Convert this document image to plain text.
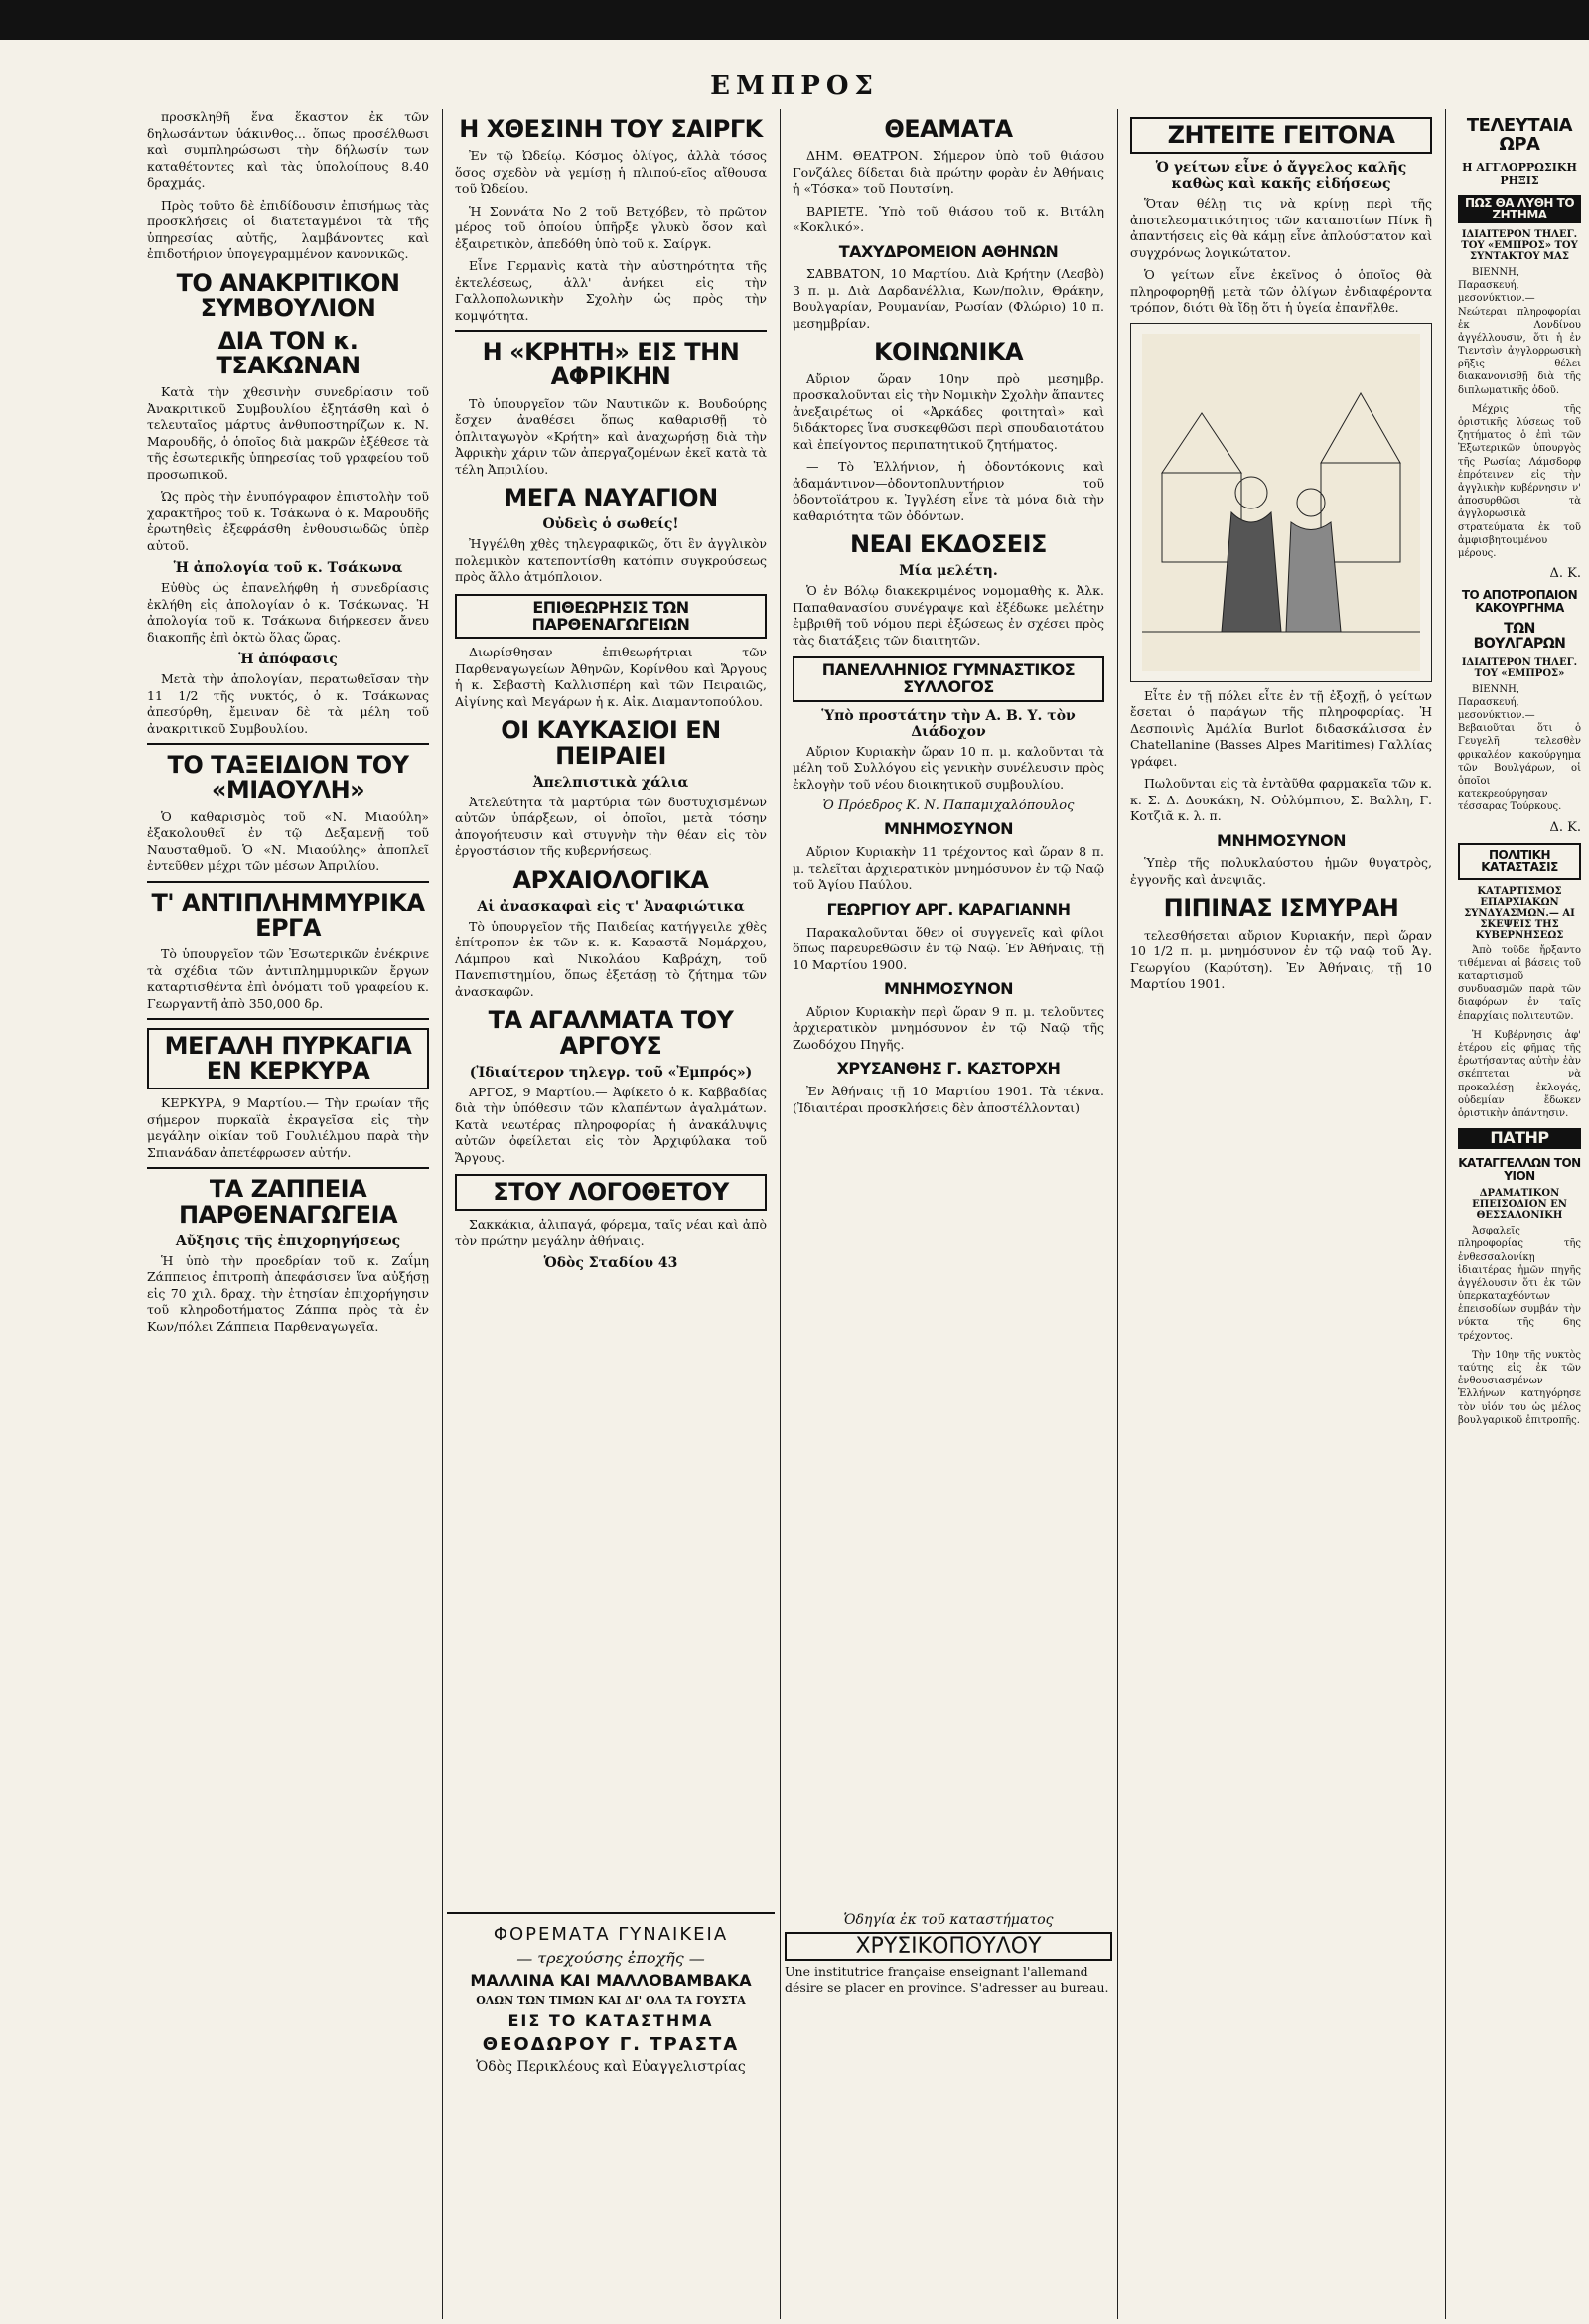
ΕΜΠΡΟΣ
προσκληθῆ ἕνα ἕκαστον ἐκ τῶν δηλωσάντων ὑάκινθος... ὅπως προσέλθωσι καὶ συμπληρώσωσι τὴν δήλωσίν των καταθέτοντες καὶ τὰς ὑπολοίπους 8.40 δραχμάς.
Πρὸς τοῦτο δὲ ἐπιδίδουσιν ἐπισήμως τὰς προσκλήσεις οἱ διατεταγμένοι τὰ τῆς ὑπηρεσίας αὐτῆς, λαμβάνοντες καὶ ἐπιδοτήριον ὑπογεγραμμένον κανονικῶς.
ΤΟ ΑΝΑΚΡΙΤΙΚΟΝ ΣΥΜΒΟΥΛΙΟΝ
ΔΙΑ ΤΟΝ κ. ΤΣΑΚΩΝΑΝ
Κατὰ τὴν χθεσινὴν συνεδρίασιν τοῦ Ἀνακριτικοῦ Συμβουλίου ἐξητάσθη καὶ ὁ τελευταῖος μάρτυς ἀνθυποστηρίζων κ. Ν. Μαρουδῆς, ὁ ὁποῖος διὰ μακρῶν ἐξέθεσε τὰ τῆς ἐσωτερικῆς ὑπηρεσίας τοῦ γραφείου τοῦ προσωπικοῦ.
Ὡς πρὸς τὴν ἐνυπόγραφον ἐπιστολὴν τοῦ χαρακτῆρος τοῦ κ. Τσάκωνα ὁ κ. Μαρουδῆς ἐρωτηθεὶς ἐξεφράσθη ἐνθουσιωδῶς ὑπὲρ αὐτοῦ.
Ἡ ἀπολογία τοῦ κ. Τσάκωνα
Εὐθὺς ὡς ἐπανελήφθη ἡ συνεδρίασις ἐκλήθη εἰς ἀπολογίαν ὁ κ. Τσάκωνας. Ἡ ἀπολογία τοῦ κ. Τσάκωνα διήρκεσεν ἄνευ διακοπῆς ἐπὶ ὀκτὼ ὅλας ὥρας.
Ἡ ἀπόφασις
Μετὰ τὴν ἀπολογίαν, περατωθεῖσαν τὴν 11 1/2 τῆς νυκτός, ὁ κ. Τσάκωνας ἀπεσύρθη, ἔμειναν δὲ τὰ μέλη τοῦ ἀνακριτικοῦ Συμβουλίου.
ΤΟ ΤΑΞΕΙΔΙΟΝ ΤΟΥ «ΜΙΑΟΥΛΗ»
Ὁ καθαρισμὸς τοῦ «Ν. Μιαούλη» ἐξακολουθεῖ ἐν τῷ Δεξαμενῇ τοῦ Ναυσταθμοῦ. Ὁ «Ν. Μιαούλης» ἀποπλεῖ ἐντεῦθεν μέχρι τῶν μέσων Ἀπριλίου.
Τ' ΑΝΤΙΠΛΗΜΜΥΡΙΚΑ ΕΡΓΑ
Τὸ ὑπουργεῖον τῶν Ἐσωτερικῶν ἐνέκρινε τὰ σχέδια τῶν ἀντιπλημμυρικῶν ἔργων καταρτισθέντα ἐπὶ ὀνόματι τοῦ γραφείου κ. Γεωργαντῆ ἀπὸ 350,000 δρ.
ΜΕΓΑΛΗ ΠΥΡΚΑΓΙΑ ΕΝ ΚΕΡΚΥΡΑ
ΚΕΡΚΥΡΑ, 9 Μαρτίου.— Τὴν πρωίαν τῆς σήμερον πυρκαϊὰ ἐκραγεῖσα εἰς τὴν μεγάλην οἰκίαν τοῦ Γουλιέλμου παρὰ τὴν Σπιανάδαν ἀπετέφρωσεν αὐτήν.
ΤΑ ΖΑΠΠΕΙΑ ΠΑΡΘΕΝΑΓΩΓΕΙΑ
Αὔξησις τῆς ἐπιχορηγήσεως
Ἡ ὑπὸ τὴν προεδρίαν τοῦ κ. Ζαΐμη Ζάππειος ἐπιτροπὴ ἀπεφάσισεν ἵνα αὐξήσῃ εἰς 70 χιλ. δραχ. τὴν ἐτησίαν ἐπιχορήγησιν τοῦ κληροδοτήματος Ζάππα πρὸς τὰ ἐν Κων/πόλει Ζάππεια Παρθεναγωγεῖα.
Η ΧΘΕΣΙΝΗ ΤΟΥ ΣΑΙΡΓΚ
Ἐν τῷ Ὠδείῳ. Κόσμος ὀλίγος, ἀλλὰ τόσος ὅσος σχεδὸν νὰ γεμίσῃ ἡ πλιπού-εῖος αἴθουσα τοῦ Ὠδείου.
Ἡ Σοννάτα Νο 2 τοῦ Βετχόβεν, τὸ πρῶτον μέρος τοῦ ὁποίου ὑπῆρξε γλυκὺ ὅσον καὶ ἐξαιρετικὸν, ἀπεδόθη ὑπὸ τοῦ κ. Σαίργκ.
Εἶνε Γερμανὶς κατὰ τὴν αὐστηρότητα τῆς ἐκτελέσεως, ἀλλ' ἀνήκει εἰς τὴν Γαλλοπολωνικὴν Σχολὴν ὡς πρὸς τὴν κομψότητα.
Η «ΚΡΗΤΗ» ΕΙΣ ΤΗΝ ΑΦΡΙΚΗΝ
Τὸ ὑπουργεῖον τῶν Ναυτικῶν κ. Βουδούρης ἔσχεν ἀναθέσει ὅπως καθαρισθῇ τὸ ὁπλιταγωγὸν «Κρήτη» καὶ ἀναχωρήσῃ διὰ τὴν Ἀφρικὴν χάριν τῶν ἀπεργαζομένων ἐκεῖ κατὰ τὰ τέλη Ἀπριλίου.
ΜΕΓΑ ΝΑΥΑΓΙΟΝ
Οὐδεὶς ὁ σωθείς!
Ἠγγέλθη χθὲς τηλεγραφικῶς, ὅτι ἓν ἀγγλικὸν πολεμικὸν κατεποντίσθη κατόπιν συγκρούσεως πρὸς ἄλλο ἀτμόπλοιον.
ΕΠΙΘΕΩΡΗΣΙΣ ΤΩΝ ΠΑΡΘΕΝΑΓΩΓΕΙΩΝ
Διωρίσθησαν ἐπιθεωρήτριαι τῶν Παρθεναγωγείων Ἀθηνῶν, Κορίνθου καὶ Ἄργους ἡ κ. Σεβαστὴ Καλλισπέρη καὶ τῶν Πειραιῶς, Αἰγίνης καὶ Μεγάρων ἡ κ. Αἰκ. Διαμαντοπούλου.
ΟΙ ΚΑΥΚΑΣΙΟΙ ΕΝ ΠΕΙΡΑΙΕΙ
Ἀπελπιστικὰ χάλια
Ἀτελεύτητα τὰ μαρτύρια τῶν δυστυχισμένων αὐτῶν ὑπάρξεων, οἱ ὁποῖοι, μετὰ τόσην ἀπογοήτευσιν καὶ στυγνὴν τὴν θέαν εἰς τὸν ἐργοστάσιον τῆς κυβερνήσεως.
ΑΡΧΑΙΟΛΟΓΙΚΑ
Αἱ ἀνασκαφαὶ εἰς τ' Ἀναφιώτικα
Τὸ ὑπουργεῖον τῆς Παιδείας κατήγγειλε χθὲς ἐπίτροπον ἐκ τῶν κ. κ. Καραστᾶ Νομάρχου, Λάμπρου καὶ Νικολάου Καβράχη, τοῦ Πανεπιστημίου, ὅπως ἐξετάσῃ τὸ ζήτημα τῶν ἀνασκαφῶν.
ΤΑ ΑΓΑΛΜΑΤΑ ΤΟΥ ΑΡΓΟΥΣ
(Ἰδιαίτερον τηλεγρ. τοῦ «Ἐμπρός»)
ΑΡΓΟΣ, 9 Μαρτίου.— Ἀφίκετο ὁ κ. Καββαδίας διὰ τὴν ὑπόθεσιν τῶν κλαπέντων ἀγαλμάτων. Κατὰ νεωτέρας πληροφορίας ἡ ἀνακάλυψις αὐτῶν ὀφείλεται εἰς τὸν Ἀρχιφύλακα τοῦ Ἄργους.
ΣΤΟΥ ΛΟΓΟΘΕΤΟΥ
Σακκάκια, ἀλιπαγά, φόρεμα, ταῖς νέαι καὶ ἀπὸ τὸν πρώτην μεγάλην ἀθήναις.
Ὁδὸς Σταδίου 43
ΘΕΑΜΑΤΑ
ΔΗΜ. ΘΕΑΤΡΟΝ. Σήμερον ὑπὸ τοῦ θιάσου Γονζάλες δίδεται διὰ πρώτην φορὰν ἐν Ἀθήναις ἡ «Τόσκα» τοῦ Πουτσίνη.
ΒΑΡΙΕΤΕ. Ὑπὸ τοῦ θιάσου τοῦ κ. Βιτάλη «Κοκλικό».
ΤΑΧΥΔΡΟΜΕΙΟΝ ΑΘΗΝΩΝ
ΣΑΒΒΑΤΟΝ, 10 Μαρτίου. Διὰ Κρήτην (Λεσβὸ) 3 π. μ. Διὰ Δαρδανέλλια, Κων/πολιν, Θράκην, Βουλγαρίαν, Ρουμανίαν, Ρωσίαν (Φλώριο) 10 π. μεσημβρίαν.
ΚΟΙΝΩΝΙΚΑ
Αὔριον ὥραν 10ην πρὸ μεσημβρ. προσκαλοῦνται εἰς τὴν Νομικὴν Σχολὴν ἅπαντες ἀνεξαιρέτως οἱ «Ἀρκάδες φοιτηταὶ» καὶ διδάκτορες ἵνα συσκεφθῶσι περὶ σπουδαιοτάτου καὶ ἐπείγοντος περιπατητικοῦ ζητήματος.
— Τὸ Ἑλλήνιον, ἡ ὀδοντόκονις καὶ ἀδαμάντινον—ὀδοντοπλυντήριον τοῦ ὀδοντοϊάτρου κ. Ἰγγλέση εἶνε τὰ μόνα διὰ τὴν καθαριότητα τῶν ὀδόντων.
ΝΕΑΙ ΕΚΔΟΣΕΙΣ
Μία μελέτη.
Ὁ ἐν Βόλῳ διακεκριμένος νομομαθὴς κ. Ἀλκ. Παπαθανασίου συνέγραψε καὶ ἐξέδωκε μελέτην ἐμβριθῆ τοῦ νόμου περὶ ἐξώσεως ἐν σχέσει πρὸς τὰς διατάξεις τῶν διαιτητῶν.
ΠΑΝΕΛΛΗΝΙΟΣ ΓΥΜΝΑΣΤΙΚΟΣ ΣΥΛΛΟΓΟΣ
Ὑπὸ προστάτην τὴν Α. Β. Υ. τὸν Διάδοχον
Αὔριον Κυριακὴν ὥραν 10 π. μ. καλοῦνται τὰ μέλη τοῦ Συλλόγου εἰς γενικὴν συνέλευσιν πρὸς ἐκλογὴν τοῦ νέου διοικητικοῦ συμβουλίου.
Ὁ Πρόεδρος Κ. Ν. Παπαμιχαλόπουλος
ΜΝΗΜΟΣΥΝΟΝ
Αὔριον Κυριακὴν 11 τρέχοντος καὶ ὥραν 8 π. μ. τελεῖται ἀρχιερατικὸν μνημόσυνον ἐν τῷ Ναῷ τοῦ Ἁγίου Παύλου.
ΓΕΩΡΓΙΟΥ ΑΡΓ. ΚΑΡΑΓΙΑΝΝΗ
Παρακαλοῦνται ὅθεν οἱ συγγενεῖς καὶ φίλοι ὅπως παρευρεθῶσιν ἐν τῷ Ναῷ. Ἐν Ἀθήναις, τῇ 10 Μαρτίου 1900.
ΜΝΗΜΟΣΥΝΟΝ
Αὔριον Κυριακὴν περὶ ὥραν 9 π. μ. τελοῦντες ἀρχιερατικὸν μνημόσυνον ἐν τῷ Ναῷ τῆς Ζωοδόχου Πηγῆς.
ΧΡΥΣΑΝΘΗΣ Γ. ΚΑΣΤΟΡΧΗ
Ἐν Ἀθήναις τῇ 10 Μαρτίου 1901. Τὰ τέκνα. (Ἰδιαιτέραι προσκλήσεις δὲν ἀποστέλλονται)
ΖΗΤΕΙΤΕ ΓΕΙΤΟΝΑ
Ὁ γείτων εἶνε ὁ ἄγγελος καλῆς καθὼς καὶ κακῆς εἰδήσεως
Ὅταν θέλῃ τις νὰ κρίνῃ περὶ τῆς ἀποτελεσματικότητος τῶν καταποτίων Πίνκ ἢ ἀπαντήσεις εἰς θὰ κάμῃ εἶνε ἀπλούστατον καὶ συγχρόνως λογικώτατον.
Ὁ γείτων εἶνε ἐκεῖνος ὁ ὁποῖος θὰ πληροφορηθῇ μετὰ τῶν ὀλίγων ἐνδιαφέροντα τρόπον, διότι θὰ ἴδῃ ὅτι ἡ ὑγεία ἐπανῆλθε.
Εἶτε ἐν τῇ πόλει εἶτε ἐν τῇ ἐξοχῇ, ὁ γείτων ἔσεται ὁ παράγων τῆς πληροφορίας. Ἡ Δεσποινὶς Ἀμάλία Burlot διδασκάλισσα ἐν Chatellanine (Basses Alpes Maritimes) Γαλλίας γράφει.
Πωλοῦνται εἰς τὰ ἐντὰῦθα φαρμακεῖα τῶν κ. κ. Σ. Δ. Δουκάκη, Ν. Οὐλύμπιου, Σ. Βαλλη, Γ. Κοτζιᾶ κ. λ. π.
ΜΝΗΜΟΣΥΝΟΝ
Ὑπὲρ τῆς πολυκλαύστου ἡμῶν θυγατρὸς, ἐγγονῆς καὶ ἀνεψιᾶς.
ΠΙΠΙΝΑΣ ΙΣΜΥΡΑΗ
τελεσθήσεται αὔριον Κυριακήν, περὶ ὥραν 10 1/2 π. μ. μνημόσυνον ἐν τῷ ναῷ τοῦ Ἁγ. Γεωργίου (Καρύτση). Ἐν Ἀθήναις, τῇ 10 Μαρτίου 1901.
ΤΕΛΕΥΤΑΙΑ ΩΡΑ
Η ΑΓΓΛΟΡΡΩΣΙΚΗ ΡΗΞΙΣ
ΠΩΣ ΘΑ ΛΥΘΗ ΤΟ ΖΗΤΗΜΑ
ΙΔΙΑΙΤΕΡΟΝ ΤΗΛΕΓ. ΤΟΥ «ΕΜΠΡΟΣ» ΤΟΥ ΣΥΝΤΑΚΤΟΥ ΜΑΣ
ΒΙΕΝΝΗ, Παρασκευή, μεσονύκτιον.— Νεώτεραι πληροφορίαι ἐκ Λονδίνου ἀγγέλλουσιν, ὅτι ἡ ἐν Τιεντσὶν ἀγγλορρωσικὴ ρῆξις θέλει διακανονισθῇ διὰ τῆς διπλωματικῆς ὁδοῦ.
Μέχρις τῆς ὁριστικῆς λύσεως τοῦ ζητήματος ὁ ἐπὶ τῶν Ἐξωτερικῶν ὑπουργὸς τῆς Ρωσίας Λάμσδορφ ἐπρότεινεν εἰς τὴν ἀγγλικὴν κυβέρνησιν ν' ἀποσυρθῶσι τὰ ἀγγλορωσικὰ στρατεύματα ἐκ τοῦ ἀμφισβητουμένου μέρους.
Δ. Κ.
ΤΟ ΑΠΟΤΡΟΠΑΙΟΝ ΚΑΚΟΥΡΓΗΜΑ
ΤΩΝ ΒΟΥΛΓΑΡΩΝ
ΙΔΙΑΙΤΕΡΟΝ ΤΗΛΕΓ. ΤΟΥ «ΕΜΠΡΟΣ»
ΒΙΕΝΝΗ, Παρασκευή, μεσονύκτιον.— Βεβαιοῦται ὅτι ὁ Γευγελῆ τελεσθὲν φρικαλέον κακούργημα τῶν Βουλγάρων, οἱ ὁποῖοι κατεκρεούργησαν τέσσαρας Τούρκους.
Δ. Κ.
ΠΟΛΙΤΙΚΗ ΚΑΤΑΣΤΑΣΙΣ
ΚΑΤΑΡΤΙΣΜΟΣ ΕΠΑΡΧΙΑΚΩΝ ΣΥΝΔΥΑΣΜΩΝ.— ΑΙ ΣΚΕΨΕΙΣ ΤΗΣ ΚΥΒΕΡΝΗΣΕΩΣ
Ἀπὸ τοῦδε ἤρξαντο τιθέμεναι αἱ βάσεις τοῦ καταρτισμοῦ συνδυασμῶν παρὰ τῶν διαφόρων ἐν ταῖς ἐπαρχίαις πολιτευτῶν.
Ἡ Κυβέρνησις ἀφ' ἑτέρου εἰς φῆμας τῆς ἐρωτήσαντας αὐτὴν ἐὰν σκέπτεται νὰ προκαλέσῃ ἐκλογάς, οὐδεμίαν ἔδωκεν ὁριστικὴν ἀπάντησιν.
ΠΑΤΗΡ
ΚΑΤΑΓΓΕΛΛΩΝ ΤΟΝ ΥΙΟΝ
ΔΡΑΜΑΤΙΚΟΝ ΕΠΕΙΣΟΔΙΟΝ ΕΝ ΘΕΣΣΑΛΟΝΙΚΗ
Ἀσφαλεῖς πληροφορίας τῆς ἐνθεσσαλονίκῃ ἰδιαιτέρας ἡμῶν πηγῆς ἀγγέλουσιν ὅτι ἐκ τῶν ὑπερκαταχθόντων ἐπεισοδίων συμβάν τὴν νύκτα τῆς 6ης τρέχοντος.
Τὴν 10ην τῆς νυκτὸς ταύτης εἰς ἐκ τῶν ἐνθουσιασμένων Ἑλλήνων κατηγόρησε τὸν υἱόν του ὡς μέλος βουλγαρικοῦ ἐπιτροπῆς.
ΦΟΡΕΜΑΤΑ ΓΥΝΑΙΚΕΙΑ
— τρεχούσης ἐποχῆς —
ΜΑΛΛΙΝΑ ΚΑΙ ΜΑΛΛΟΒΑΜΒΑΚΑ
ΟΛΩΝ ΤΩΝ ΤΙΜΩΝ ΚΑΙ ΔΙ' ΟΛΑ ΤΑ ΓΟΥΣΤΑ
ΕΙΣ ΤΟ ΚΑΤΑΣΤΗΜΑ
ΘΕΟΔΩΡΟΥ Γ. ΤΡΑΣΤΑ
Ὁδὸς Περικλέους καὶ Εὐαγγελιστρίας
Ὁδηγία ἐκ τοῦ καταστήματος
ΧΡΥΣΙΚΟΠΟΥΛΟΥ
Une institutrice française enseignant l'allemand désire se placer en province. S'adresser au bureau.
